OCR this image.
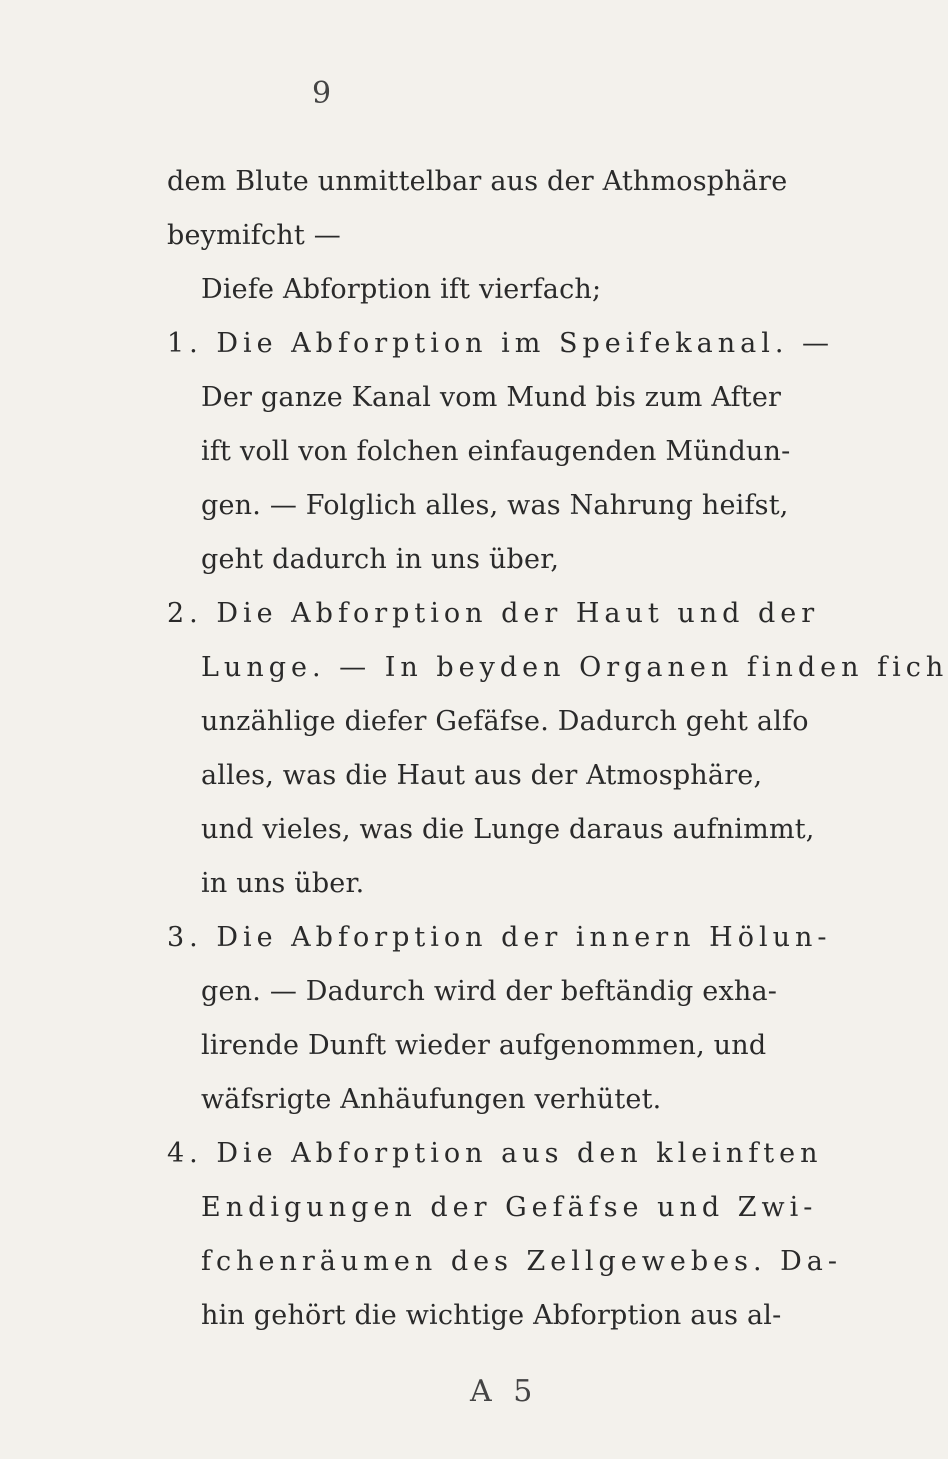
9
dem Blute unmittelbar aus der Athmosphäre
beymifcht —
Diefe Abforption ift vierfach;
1. Die Abforption im Speifekanal. —
Der ganze Kanal vom Mund bis zum After
ift voll von folchen einfaugenden Mündun-
gen. — Folglich alles, was Nahrung heifst,
geht dadurch in uns über,
2. Die Abforption der Haut und der
Lunge. — In beyden Organen finden fich
unzählige diefer Gefäfse. Dadurch geht alfo
alles, was die Haut aus der Atmosphäre,
und vieles, was die Lunge daraus aufnimmt,
in uns über.
3. Die Abforption der innern Hölun-
gen. — Dadurch wird der beftändig exha-
lirende Dunft wieder aufgenommen, und
wäfsrigte Anhäufungen verhütet.
4. Die Abforption aus den kleinften
Endigungen der Gefäfse und Zwi-
fchenräumen des Zellgewebes. Da-
hin gehört die wichtige Abforption aus al-
A 5
